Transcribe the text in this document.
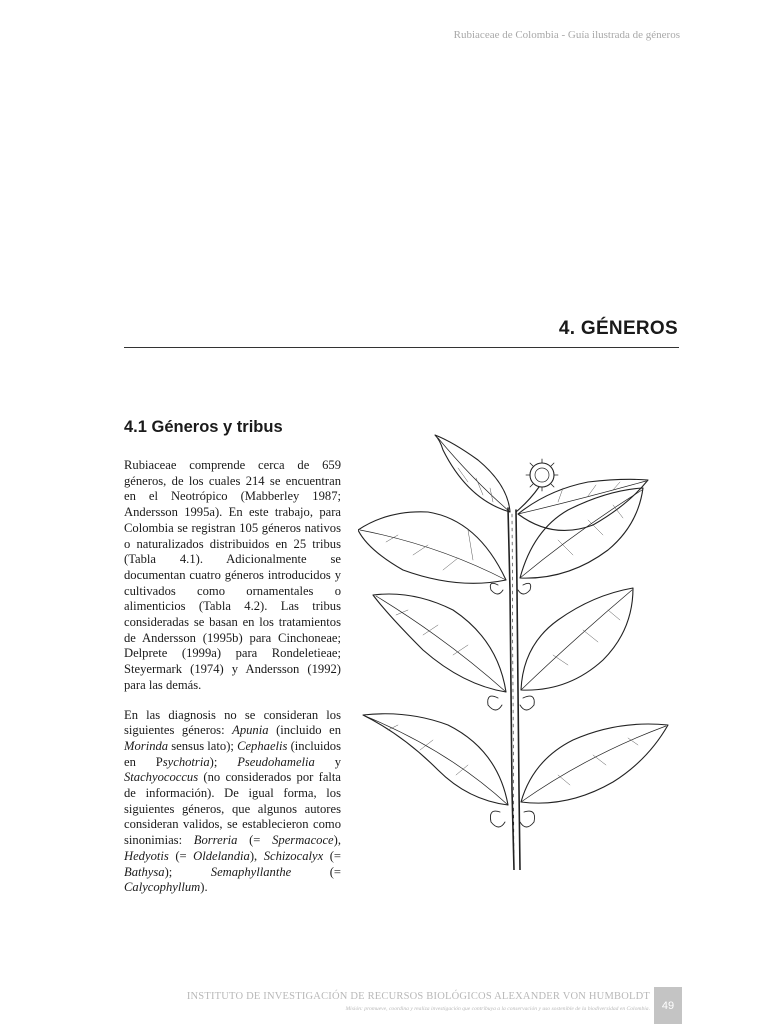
Rubiaceae de Colombia - Guía ilustrada de géneros
4. GÉNEROS
4.1 Géneros y tribus

Rubiaceae comprende cerca de 659 géneros, de los cuales 214 se encuentran en el Neotrópico (Mabberley 1987; Andersson 1995a). En este trabajo, para Colombia se registran 105 géneros nativos o naturalizados distribuidos en 25 tribus (Tabla 4.1). Adicionalmente se documentan cuatro géneros introducidos y cultivados como ornamentales o alimenticios (Tabla 4.2). Las tribus consideradas se basan en los tratamientos de Andersson (1995b) para Cinchoneae; Delprete (1999a) para Rondeletieae; Steyermark (1974) y Andersson (1992) para las demás.

En las diagnosis no se consideran los siguientes géneros: Apunia (incluido en Morinda sensus lato); Cephaelis (incluidos en Psychotria); Pseudohamelia y Stachyococcus (no considerados por falta de información). De igual forma, los siguientes géneros, que algunos autores consideran validos, se establecieron como sinonimias: Borreria (= Spermacoce), Hedyotis (= Oldelandia), Schizocalyx (= Bathysa); Semaphyllanthe (= Calycophyllum).

INSTITUTO DE INVESTIGACIÓN DE RECURSOS BIOLÓGICOS ALEXANDER VON HUMBOLDT
Misión: promueve, coordina y realiza investigación que contribuya a la conservación y uso sostenible de la biodiversidad en Colombia.	49
